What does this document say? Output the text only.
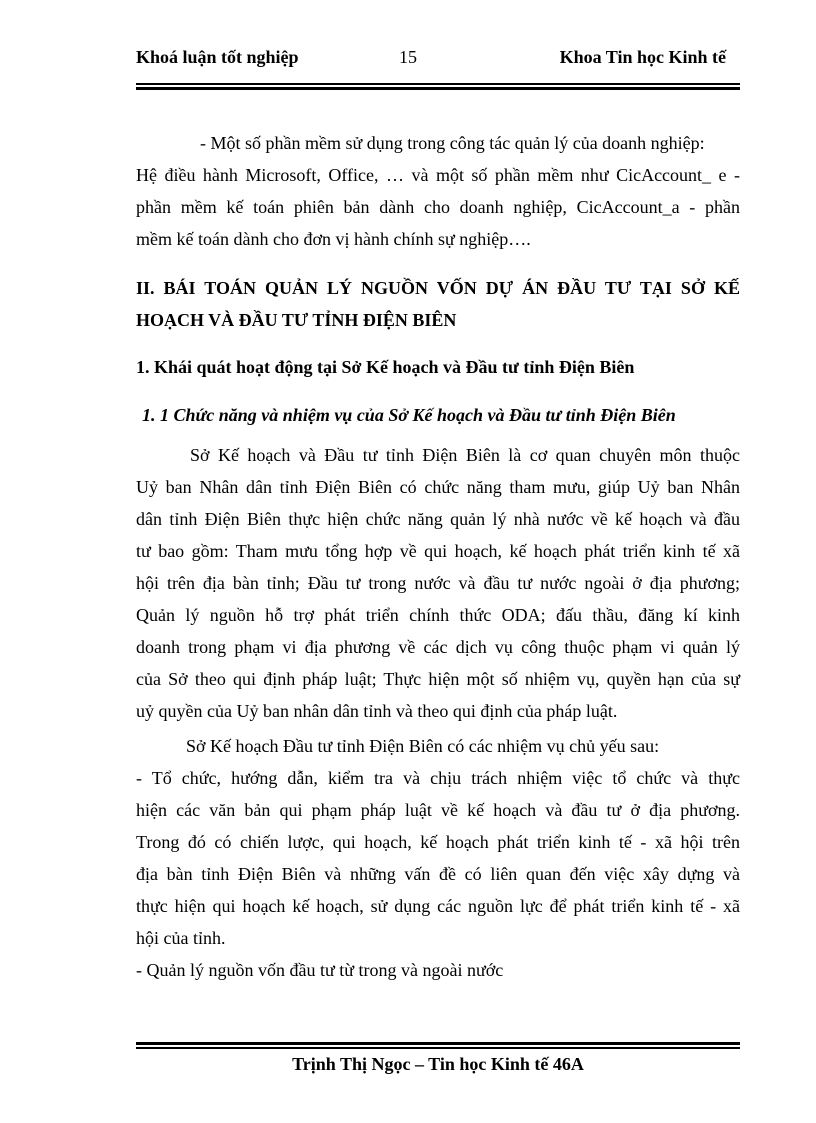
Khoá luận tốt nghiệp	15	Khoa Tin học Kinh tế
- Một số phần mềm sử dụng trong công tác quản lý của doanh nghiệp:
Hệ điều hành Microsoft, Office, … và một số phần mềm như CicAccount_ e -
phần mềm kế toán phiên bản dành cho doanh nghiệp, CicAccount_a - phần
mềm kế toán dành cho đơn vị hành chính sự nghiệp….
II. BÁI TOÁN QUẢN LÝ NGUỒN VỐN DỰ ÁN ĐẦU TƯ TẠI SỞ KẾ
HOẠCH VÀ ĐẦU TƯ TỈNH ĐIỆN BIÊN
1. Khái quát hoạt động tại Sở Kế hoạch và Đầu tư tỉnh Điện Biên
1. 1 Chức năng và nhiệm vụ của Sở Kế hoạch và Đầu tư tỉnh Điện Biên
Sở Kế hoạch và Đầu tư tỉnh Điện Biên là cơ quan chuyên môn thuộc
Uỷ ban Nhân dân tỉnh Điện Biên có chức năng tham mưu, giúp Uỷ ban Nhân
dân tỉnh Điện Biên thực hiện chức năng quản lý nhà nước về kế hoạch và đầu
tư bao gồm: Tham mưu tổng hợp về qui hoạch, kế hoạch phát triển kinh tế xã
hội trên địa bàn tỉnh; Đầu tư trong nước và đầu tư nước ngoài ở địa phương;
Quản lý nguồn hỗ trợ phát triển chính thức ODA; đấu thầu, đăng kí kinh
doanh trong phạm vi địa phương về các dịch vụ công thuộc phạm vi quản lý
của Sở theo qui định pháp luật; Thực hiện một số nhiệm vụ, quyền hạn của sự
uỷ quyền của Uỷ ban nhân dân tỉnh và theo qui định của pháp luật.
Sở Kế hoạch Đầu tư tỉnh Điện Biên có các nhiệm vụ chủ yếu sau:
- Tổ chức, hướng dẫn, kiểm tra và chịu trách nhiệm việc tổ chức và thực
hiện các văn bản qui phạm pháp luật về kế hoạch và đầu tư ở địa phương.
Trong đó có chiến lược, qui hoạch, kế hoạch phát triển kinh tế - xã hội trên
địa bàn tỉnh Điện Biên và những vấn đề có liên quan đến việc xây dựng và
thực hiện qui hoạch kế hoạch, sử dụng các nguồn lực để phát triển kinh tế - xã
hội của tỉnh.
- Quản lý nguồn vốn đầu tư từ trong và ngoài nước
Trịnh Thị Ngọc – Tin học Kinh tế 46A
